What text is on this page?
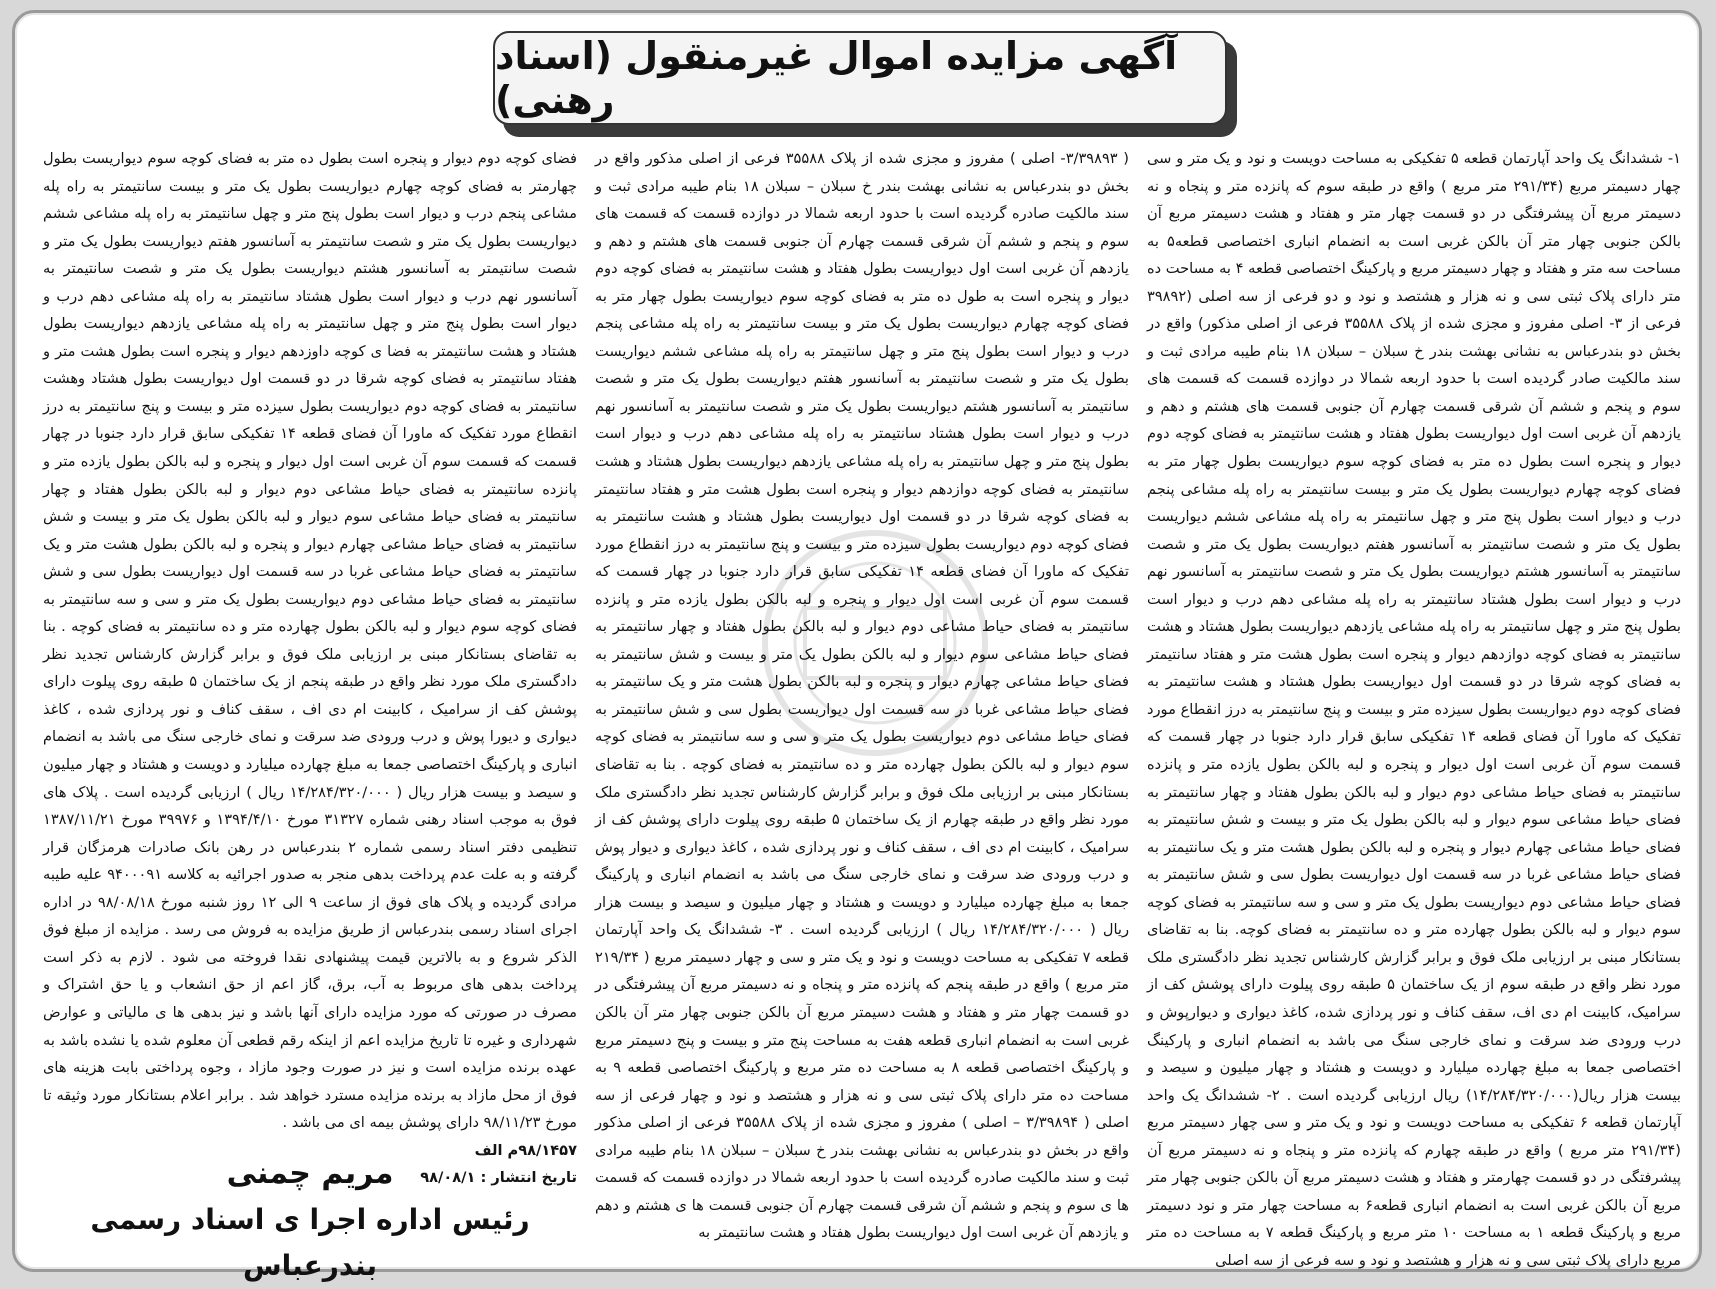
آگهی مزایده اموال غیرمنقول (اسناد رهنی)

۱- ششدانگ یک واحد آپارتمان قطعه ۵ تفکیکی به مساحت دویست و نود و یک متر و سی چهار دسیمتر مربع (۲۹۱/۳۴ متر مربع ) واقع در طبقه سوم که پانزده متر و پنجاه و نه دسیمتر مربع آن پیشرفتگی در دو قسمت چهار متر و هفتاد و هشت دسیمتر مربع آن بالکن جنوبی چهار متر آن بالکن غربی است به انضمام انباری اختصاصی قطعه۵ به مساحت سه متر و هفتاد و چهار دسیمتر مربع و پارکینگ اختصاصی قطعه ۴ به مساحت ده متر دارای پلاک ثبتی سی و نه هزار و هشتصد و نود و دو فرعی از سه اصلی (۳۹۸۹۲ فرعی از ۳- اصلی مفروز و مجزی شده از پلاک ۳۵۵۸۸ فرعی از اصلی مذکور) واقع در بخش دو بندرعباس به نشانی بهشت بندر خ سبلان – سبلان ۱۸ بنام طیبه مرادی ثبت و سند مالکیت صادر گردیده است با حدود اربعه شمالا در دوازده قسمت که قسمت های سوم و پنجم و ششم آن شرقی قسمت چهارم آن جنوبی قسمت های هشتم و دهم و یازدهم آن غربی است اول دیواریست بطول هفتاد و هشت سانتیمتر به فضای کوچه دوم دیوار و پنجره است بطول ده متر به فضای کوچه سوم دیواریست بطول چهار متر به فضای کوچه چهارم دیواریست بطول یک متر و بیست سانتیمتر به راه پله مشاعی پنجم درب و دیوار است بطول پنج متر و چهل سانتیمتر به راه پله مشاعی ششم دیواریست بطول یک متر و شصت سانتیمتر به آسانسور هفتم دیواریست بطول یک متر و شصت سانتیمتر به آسانسور هشتم دیواریست بطول یک متر و شصت سانتیمتر به آسانسور نهم درب و دیوار است بطول هشتاد سانتیمتر به راه پله مشاعی دهم درب و دیوار است بطول پنج متر و چهل سانتیمتر به راه پله مشاعی یازدهم دیواریست بطول هشتاد و هشت سانتیمتر به فضای کوچه دوازدهم دیوار و پنجره است بطول هشت متر و هفتاد سانتیمتر به فضای کوچه شرقا در دو قسمت اول دیواریست بطول هشتاد و هشت سانتیمتر به فضای کوچه دوم دیواریست بطول سیزده متر و بیست و پنج سانتیمتر به درز انقطاع مورد تفکیک که ماورا آن فضای قطعه ۱۴ تفکیکی سابق قرار دارد جنوبا در چهار قسمت که قسمت سوم آن غربی است اول دیوار و پنجره و لبه بالکن بطول یازده متر و پانزده سانتیمتر به فضای حیاط مشاعی دوم دیوار و لبه بالکن بطول هفتاد و چهار سانتیمتر به فضای حیاط مشاعی سوم دیوار و لبه بالکن بطول یک متر و بیست و شش سانتیمتر به فضای حیاط مشاعی چهارم دیوار و پنجره و لبه بالکن بطول هشت متر و یک سانتیمتر به فضای حیاط مشاعی غربا در سه قسمت اول دیواریست بطول سی و شش سانتیمتر به فضای حیاط مشاعی دوم دیواریست بطول یک متر و سی و سه سانتیمتر به فضای کوچه سوم دیوار و لبه بالکن بطول چهارده متر و ده سانتیمتر به فضای کوچه. بنا به تقاضای بستانکار مبنی بر ارزیابی ملک فوق و برابر گزارش کارشناس تجدید نظر دادگستری ملک مورد نظر واقع در طبقه سوم از یک ساختمان ۵ طبقه روی پیلوت دارای پوشش کف از سرامیک، کابینت ام دی اف، سقف کناف و نور پردازی شده، کاغذ دیواری و دیوارپوش و درب ورودی ضد سرقت و نمای خارجی سنگ می باشد به انضمام انباری و پارکینگ اختصاصی جمعا به مبلغ چهارده میلیارد و دویست و هشتاد و چهار میلیون و سیصد و بیست هزار ریال(۱۴/۲۸۴/۳۲۰/۰۰۰) ریال ارزیابی گردیده است . ۲- ششدانگ یک واحد آپارتمان قطعه ۶ تفکیکی به مساحت دویست و نود و یک متر و سی چهار دسیمتر مربع (۲۹۱/۳۴ متر مربع ) واقع در طبقه چهارم که پانزده متر و پنجاه و نه دسیمتر مربع آن پیشرفتگی در دو قسمت چهارمتر و هفتاد و هشت دسیمتر مربع آن بالکن جنوبی چهار متر مربع آن بالکن غربی است به انضمام انباری قطعه۶ به مساحت چهار متر و نود دسیمتر مربع و پارکینگ قطعه ۱ به مساحت ۱۰ متر مربع و پارکینگ قطعه ۷ به مساحت ده متر مربع دارای پلاک ثبتی سی و نه هزار و هشتصد و نود و سه فرعی از سه اصلی

( ۳/۳۹۸۹۳- اصلی ) مفروز و مجزی شده از پلاک ۳۵۵۸۸ فرعی از اصلی مذکور واقع در بخش دو بندرعباس به نشانی بهشت بندر خ سبلان – سبلان ۱۸ بنام طیبه مرادی ثبت و سند مالکیت صادره گردیده است با حدود اربعه شمالا در دوازده قسمت که قسمت های سوم و پنجم و ششم آن شرقی قسمت چهارم آن جنوبی قسمت های هشتم و دهم و یازدهم آن غربی است اول دیواریست بطول هفتاد و هشت سانتیمتر به فضای کوچه دوم دیوار و پنجره است به طول ده متر به فضای کوچه سوم دیواریست بطول چهار متر به فضای کوچه چهارم دیواریست بطول یک متر و بیست سانتیمتر به راه پله مشاعی پنجم درب و دیوار است بطول پنج متر و چهل سانتیمتر به راه پله مشاعی ششم دیواریست بطول یک متر و شصت سانتیمتر به آسانسور هفتم دیواریست بطول یک متر و شصت سانتیمتر به آسانسور هشتم دیواریست بطول یک متر و شصت سانتیمتر به آسانسور نهم درب و دیوار است بطول هشتاد سانتیمتر به راه پله مشاعی دهم درب و دیوار است بطول پنج متر و چهل سانتیمتر به راه پله مشاعی یازدهم دیواریست بطول هشتاد و هشت سانتیمتر به فضای کوچه دوازدهم دیوار و پنجره است بطول هشت متر و هفتاد سانتیمتر به فضای کوچه شرقا در دو قسمت اول دیواریست بطول هشتاد و هشت سانتیمتر به فضای کوچه دوم دیواریست بطول سیزده متر و بیست و پنج سانتیمتر به درز انقطاع مورد تفکیک که ماورا آن فضای قطعه ۱۴ تفکیکی سابق قرار دارد جنوبا در چهار قسمت که قسمت سوم آن غربی است اول دیوار و پنجره و لبه بالکن بطول یازده متر و پانزده سانتیمتر به فضای حیاط مشاعی دوم دیوار و لبه بالکن بطول هفتاد و چهار سانتیمتر به فضای حیاط مشاعی سوم دیوار و لبه بالکن بطول یک متر و بیست و شش سانتیمتر به فضای حیاط مشاعی چهارم دیوار و پنجره و لبه بالکن بطول هشت متر و یک سانتیمتر به فضای حیاط مشاعی غربا در سه قسمت اول دیواریست بطول سی و شش سانتیمتر به فضای حیاط مشاعی دوم دیواریست بطول یک متر و سی و سه سانتیمتر به فضای کوچه سوم دیوار و لبه بالکن بطول چهارده متر و ده سانتیمتر به فضای کوچه . بنا به تقاضای بستانکار مبنی بر ارزیابی ملک فوق و برابر گزارش کارشناس تجدید نظر دادگستری ملک مورد نظر واقع در طبقه چهارم از یک ساختمان ۵ طبقه روی پیلوت دارای پوشش کف از سرامیک ، کابینت ام دی اف ، سقف کناف و نور پردازی شده ، کاغذ دیواری و دیوار پوش و درب ورودی ضد سرقت و نمای خارجی سنگ می باشد به انضمام انباری و پارکینگ جمعا به مبلغ چهارده میلیارد و دویست و هشتاد و چهار میلیون و سیصد و بیست هزار ریال ( ۱۴/۲۸۴/۳۲۰/۰۰۰ ریال ) ارزیابی گردیده است . ۳- ششدانگ یک واحد آپارتمان قطعه ۷ تفکیکی به مساحت دویست و نود و یک متر و سی و چهار دسیمتر مربع ( ۲۱۹/۳۴ متر مربع ) واقع در طبقه پنجم که پانزده متر و پنجاه و نه دسیمتر مربع آن پیشرفتگی در دو قسمت چهار متر و هفتاد و هشت دسیمتر مربع آن بالکن جنوبی چهار متر آن بالکن غربی است به انضمام انباری قطعه هفت به مساحت پنج متر و بیست و پنج دسیمتر مربع و پارکینگ اختصاصی قطعه ۸ به مساحت ده متر مربع و پارکینگ اختصاصی قطعه ۹ به مساحت ده متر دارای پلاک ثبتی سی و نه هزار و هشتصد و نود و چهار فرعی از سه اصلی ( ۳/۳۹۸۹۴ – اصلی ) مفروز و مجزی شده از پلاک ۳۵۵۸۸ فرعی از اصلی مذکور واقع در بخش دو بندرعباس به نشانی بهشت بندر خ سبلان – سبلان ۱۸ بنام طیبه مرادی ثبت و سند مالکیت صادره گردیده است با حدود اربعه شمالا در دوازده قسمت که قسمت ها ی سوم و پنجم و ششم آن شرقی قسمت چهارم آن جنوبی قسمت ها ی هشتم و دهم و یازدهم آن غربی است اول دیواریست بطول هفتاد و هشت سانتیمتر به

فضای کوچه دوم دیوار و پنجره است بطول ده متر به فضای کوچه سوم دیواریست بطول چهارمتر به فضای کوچه چهارم دیواریست بطول یک متر و بیست سانتیمتر به راه پله مشاعی پنجم درب و دیوار است بطول پنج متر و چهل سانتیمتر به راه پله مشاعی ششم دیواریست بطول یک متر و شصت سانتیمتر به آسانسور هفتم دیواریست بطول یک متر و شصت سانتیمتر به آسانسور هشتم دیواریست بطول یک متر و شصت سانتیمتر به آسانسور نهم درب و دیوار است بطول هشتاد سانتیمتر به راه پله مشاعی دهم درب و دیوار است بطول پنج متر و چهل سانتیمتر به راه پله مشاعی یازدهم دیواریست بطول هشتاد و هشت سانتیمتر به فضا ی کوچه داوزدهم دیوار و پنجره است بطول هشت متر و هفتاد سانتیمتر به فضای کوچه شرقا در دو قسمت اول دیواریست بطول هشتاد وهشت سانتیمتر به فضای کوچه دوم دیواریست بطول سیزده متر و بیست و پنج سانتیمتر به درز انقطاع مورد تفکیک که ماورا آن فضای قطعه ۱۴ تفکیکی سابق قرار دارد جنوبا در چهار قسمت که قسمت سوم آن غربی است اول دیوار و پنجره و لبه بالکن بطول یازده متر و پانزده سانتیمتر به فضای حیاط مشاعی دوم دیوار و لبه بالکن بطول هفتاد و چهار سانتیمتر به فضای حیاط مشاعی سوم دیوار و لبه بالکن بطول یک متر و بیست و شش سانتیمتر به فضای حیاط مشاعی چهارم دیوار و پنجره و لبه بالکن بطول هشت متر و یک سانتیمتر به فضای حیاط مشاعی غربا در سه قسمت اول دیواریست بطول سی و شش سانتیمتر به فضای حیاط مشاعی دوم دیواریست بطول یک متر و سی و سه سانتیمتر به فضای کوچه سوم دیوار و لبه بالکن بطول چهارده متر و ده سانتیمتر به فضای کوچه . بنا به تقاضای بستانکار مبنی بر ارزیابی ملک فوق و برابر گزارش کارشناس تجدید نظر دادگستری ملک مورد نظر واقع در طبقه پنجم از یک ساختمان ۵ طبقه روی پیلوت دارای پوشش کف از سرامیک ، کابینت ام دی اف ، سقف کناف و نور پردازی شده ، کاغذ دیواری و دیورا پوش و درب ورودی ضد سرقت و نمای خارجی سنگ می باشد به انضمام انباری و پارکینگ اختصاصی جمعا به مبلغ چهارده میلیارد و دویست و هشتاد و چهار میلیون و سیصد و بیست هزار ریال ( ۱۴/۲۸۴/۳۲۰/۰۰۰ ریال ) ارزیابی گردیده است . پلاک های فوق به موجب اسناد رهنی شماره ۳۱۳۲۷ مورخ ۱۳۹۴/۴/۱۰ و ۳۹۹۷۶ مورخ ۱۳۸۷/۱۱/۲۱ تنظیمی دفتر اسناد رسمی شماره ۲ بندرعباس در رهن بانک صادرات هرمزگان قرار گرفته و به علت عدم پرداخت بدهی منجر به صدور اجرائیه به کلاسه ۹۴۰۰۰۹۱ علیه طیبه مرادی گردیده و پلاک های فوق از ساعت ۹ الی ۱۲ روز شنبه مورخ ۹۸/۰۸/۱۸ در اداره اجرای اسناد رسمی بندرعباس از طریق مزایده به فروش می رسد . مزایده از مبلغ فوق الذکر شروع و به بالاترین قیمت پیشنهادی نقدا فروخته می شود . لازم به ذکر است پرداخت بدهی های مربوط به آب، برق، گاز اعم از حق انشعاب و یا حق اشتراک و مصرف در صورتی که مورد مزایده دارای آنها باشد و نیز بدهی ها ی مالیاتی و عوارض شهرداری و غیره تا تاریخ مزایده اعم از اینکه رقم قطعی آن معلوم شده یا نشده باشد به عهده برنده مزایده است و نیز در صورت وجود مازاد ، وجوه پرداختی بابت هزینه های فوق از محل مازاد به برنده مزایده مسترد خواهد شد . برابر اعلام بستانکار مورد وثیقه تا مورخ ۹۸/۱۱/۲۳ دارای پوشش بیمه ای می باشد .

۹۸/۱۴۵۷م الف

تاریخ انتشار : ۹۸/۰۸/۱

مریم چمنی
رئیس اداره اجرا ی اسناد رسمی بندرعباس
